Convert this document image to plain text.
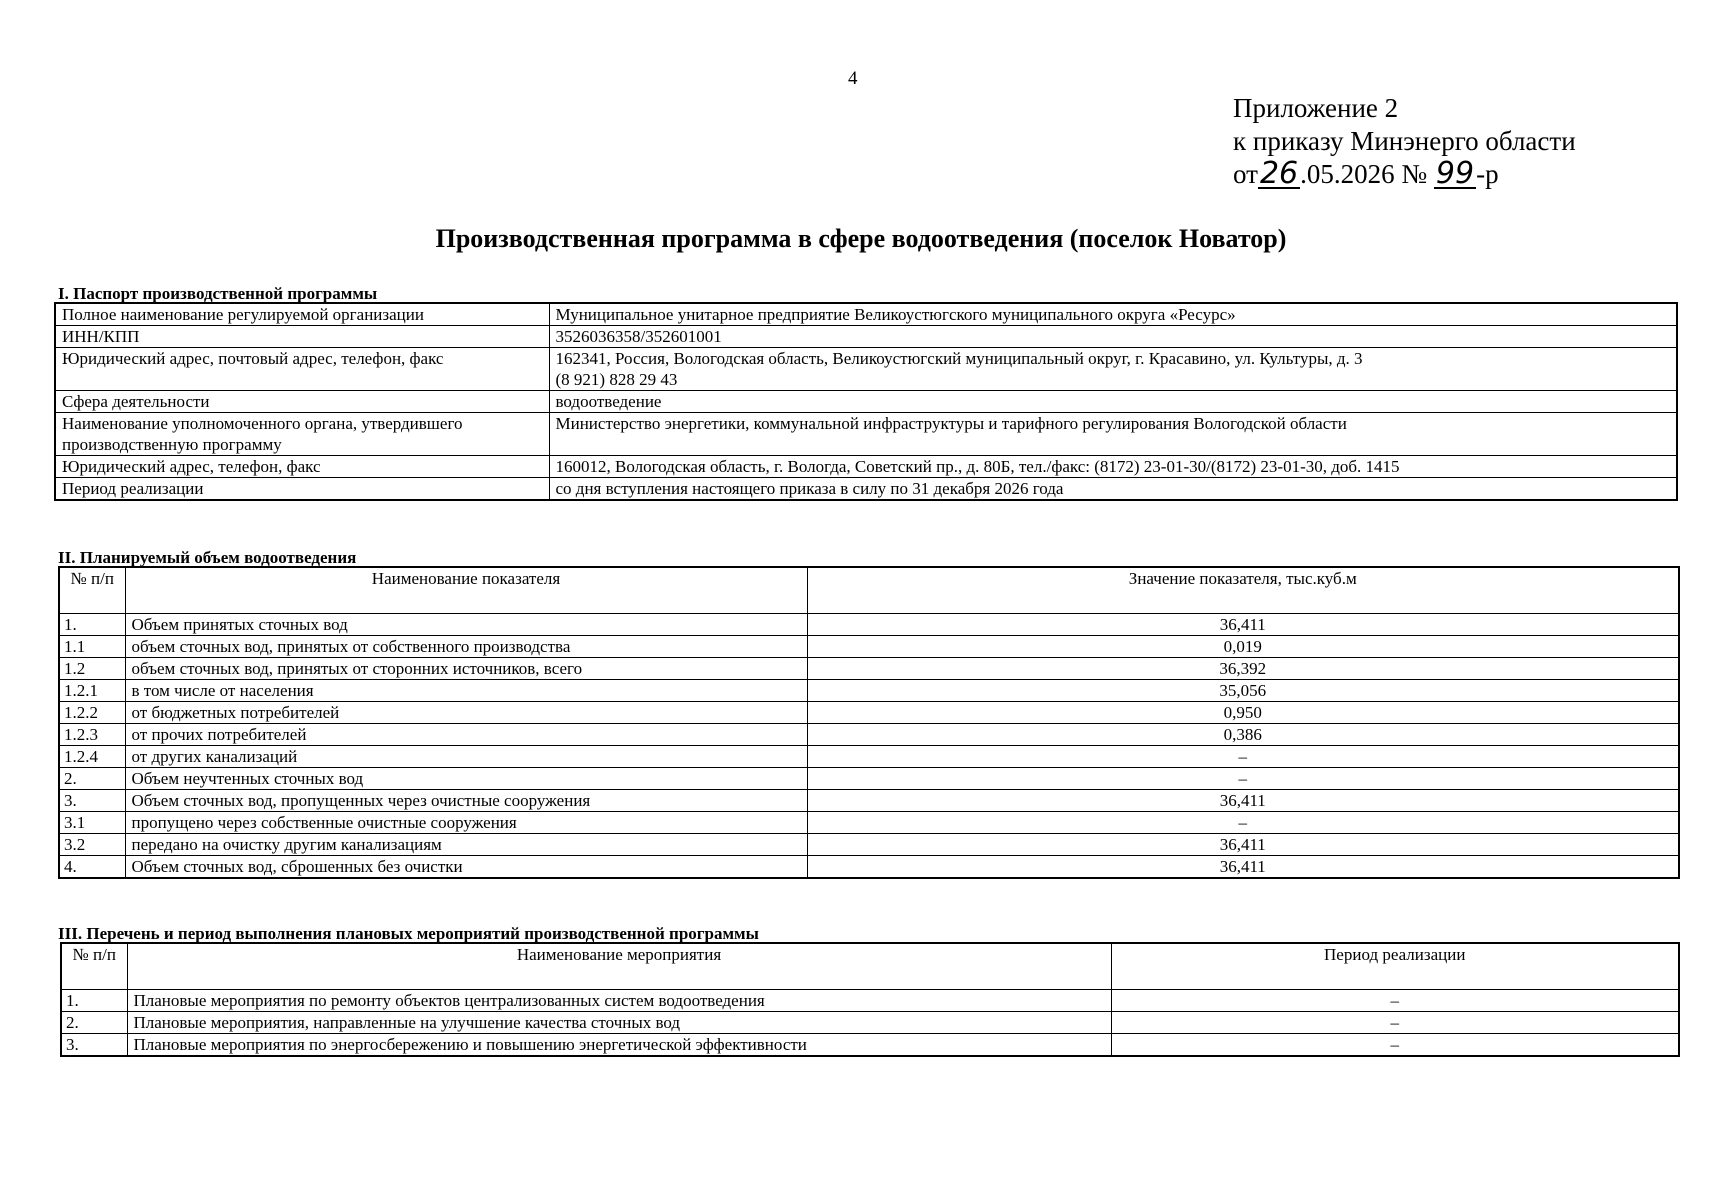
4
Приложение 2
к приказу Минэнерго области
от26.05.2026 № 99-р
Производственная программа в сфере водоотведения (поселок Новатор)
I. Паспорт производственной программы
Полное наименование регулируемой организации	Муниципальное унитарное предприятие Великоустюгского муниципального округа «Ресурс»
ИНН/КПП	3526036358/352601001
Юридический адрес, почтовый адрес, телефон, факс	162341, Россия, Вологодская область, Великоустюгский муниципальный округ, г. Красавино, ул. Культуры, д. 3
(8 921) 828 29 43

Сфера деятельности	водоотведение
Наименование уполномоченного органа, утвердившего производственную программу	Министерство энергетики, коммунальной инфраструктуры и тарифного регулирования Вологодской области
Юридический адрес, телефон, факс	160012, Вологодская область, г. Вологда, Советский пр., д. 80Б, тел./факс: (8172) 23-01-30/(8172) 23-01-30, доб. 1415
Период реализации	со дня вступления настоящего приказа в силу по 31 декабря 2026 года
II. Планируемый объем водоотведения
№ п/п	Наименование показателя	Значение показателя, тыс.куб.м
1.	Объем принятых сточных вод	36,411
1.1	объем сточных вод, принятых от собственного производства	0,019
1.2	объем сточных вод, принятых от сторонних источников, всего	36,392
1.2.1	в том числе от населения	35,056
1.2.2	от бюджетных потребителей	0,950
1.2.3	от прочих потребителей	0,386
1.2.4	от других канализаций	–
2.	Объем неучтенных сточных вод	–
3.	Объем сточных вод, пропущенных через очистные сооружения	36,411
3.1	пропущено через собственные очистные сооружения	–
3.2	передано на очистку другим канализациям	36,411
4.	Объем сточных вод, сброшенных без очистки	36,411
III. Перечень и период выполнения плановых мероприятий производственной программы
№ п/п	Наименование мероприятия	Период реализации
1.	Плановые мероприятия по ремонту объектов централизованных систем водоотведения	–
2.	Плановые мероприятия, направленные на улучшение качества сточных вод	–
3.	Плановые мероприятия по энергосбережению и повышению энергетической эффективности	–
